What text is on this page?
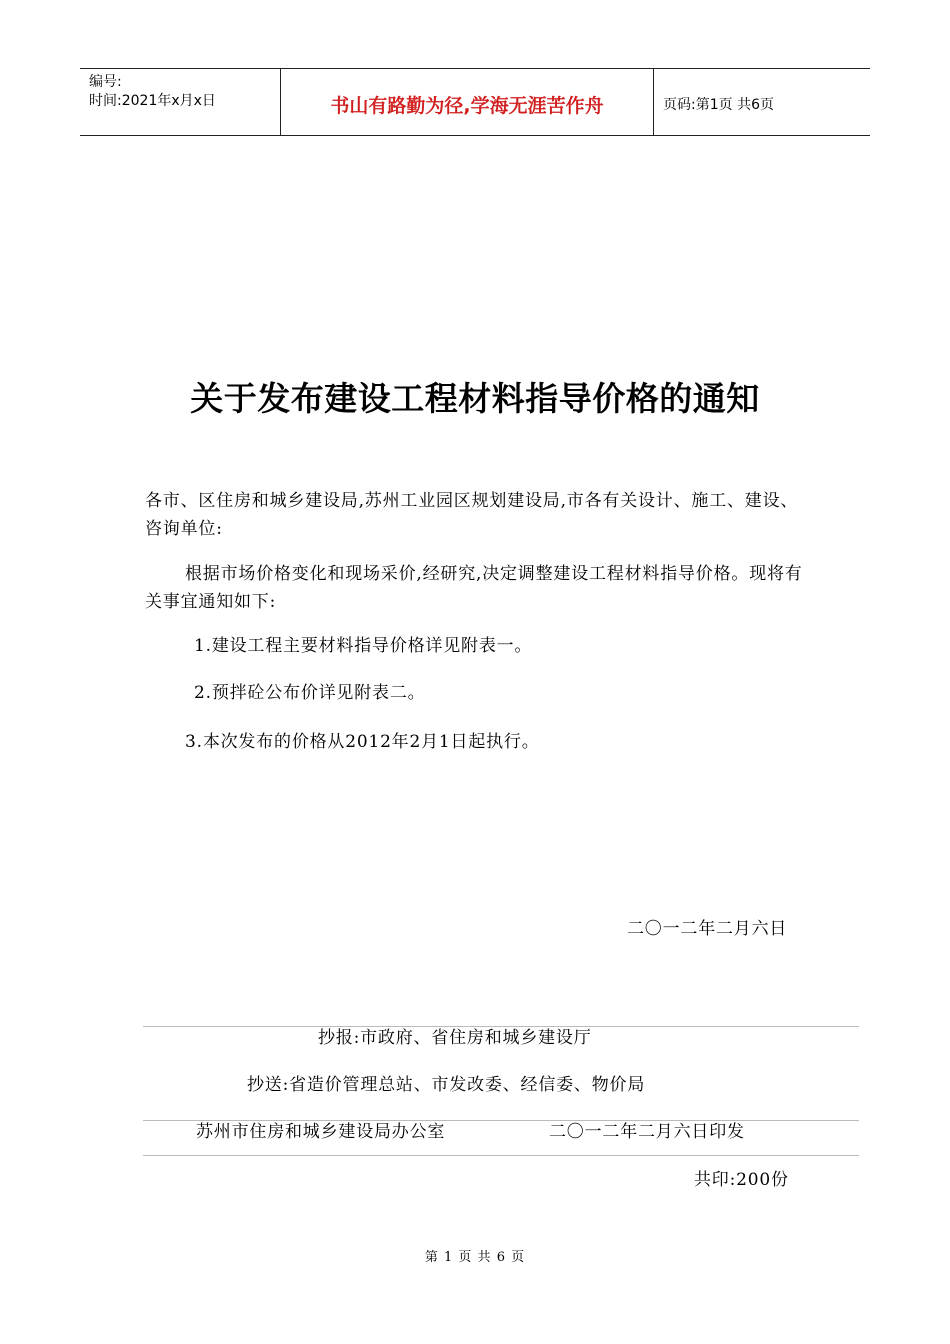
编号:
时间:2021年x月x日	书山有路勤为径,学海无涯苦作舟	页码:第1页 共6页
关于发布建设工程材料指导价格的通知
各市、区住房和城乡建设局,苏州工业园区规划建设局,市各有关设计、施工、建设、咨询单位:
根据市场价格变化和现场采价,经研究,决定调整建设工程材料指导价格。现将有关事宜通知如下:
1.建设工程主要材料指导价格详见附表一。
2.预拌砼公布价详见附表二。
3.本次发布的价格从2012年2月1日起执行。
二〇一二年二月六日
抄报:市政府、省住房和城乡建设厅
抄送:省造价管理总站、市发改委、经信委、物价局
苏州市住房和城乡建设局办公室	二〇一二年二月六日印发
共印:200份
第 1 页 共 6 页
